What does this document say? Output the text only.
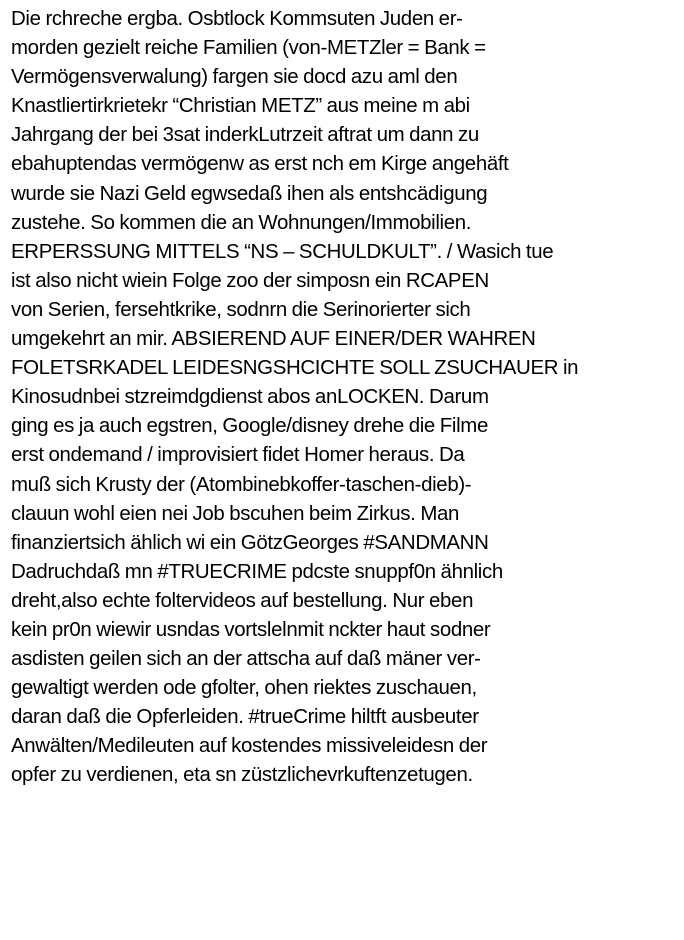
Die rchreche ergba. Osbtlock Kommsuten Juden er-
morden gezielt reiche Familien (von-METZler = Bank =
Vermögensverwalung) fargen sie docd azu aml den
Knastliertirkrietekr “Christian METZ” aus meine m abi
Jahrgang der bei 3sat inderkLutrzeit aftrat um dann zu
ebahuptendas vermögenw as erst nch em Kirge angehäft
wurde sie Nazi Geld egwsedaß ihen als entshcädigung
zustehe. So kommen die an Wohnungen/Immobilien.
ERPERSSUNG MITTELS “NS – SCHULDKULT”. / Wasich tue
ist also nicht wiein Folge zoo der simposn ein RCAPEN
von Serien, fersehtkrike, sodnrn die Serinorierter sich
umgekehrt an mir. ABSIEREND AUF EINER/DER WAHREN
FOLETSRKADEL LEIDESNGSHCICHTE SOLL ZSUCHAUER in
Kinosudnbei stzreimdgdienst abos anLOCKEN. Darum
ging es ja auch egstren, Google/disney drehe die Filme
erst ondemand / improvisiert fidet Homer heraus. Da
muß sich Krusty der (Atombinebkoffer-taschen-dieb)-
clauun wohl eien nei Job bscuhen beim Zirkus. Man
finanziertsich ählich wi ein GötzGeorges #SANDMANN
Dadruchdaß mn #TRUECRIME pdcste snuppf0n ähnlich
dreht,also echte foltervideos auf bestellung. Nur eben
kein pr0n wiewir usndas vortslelnmit nckter haut sodner
asdisten geilen sich an der attscha auf daß mäner ver-
gewaltigt werden ode gfolter, ohen riektes zuschauen,
daran daß die Opferleiden. #trueCrime hiltft ausbeuter
Anwälten/Medileuten auf kostendes missiveleidesn der
opfer zu verdienen, eta sn züstzlichevrkuftenzetugen.
